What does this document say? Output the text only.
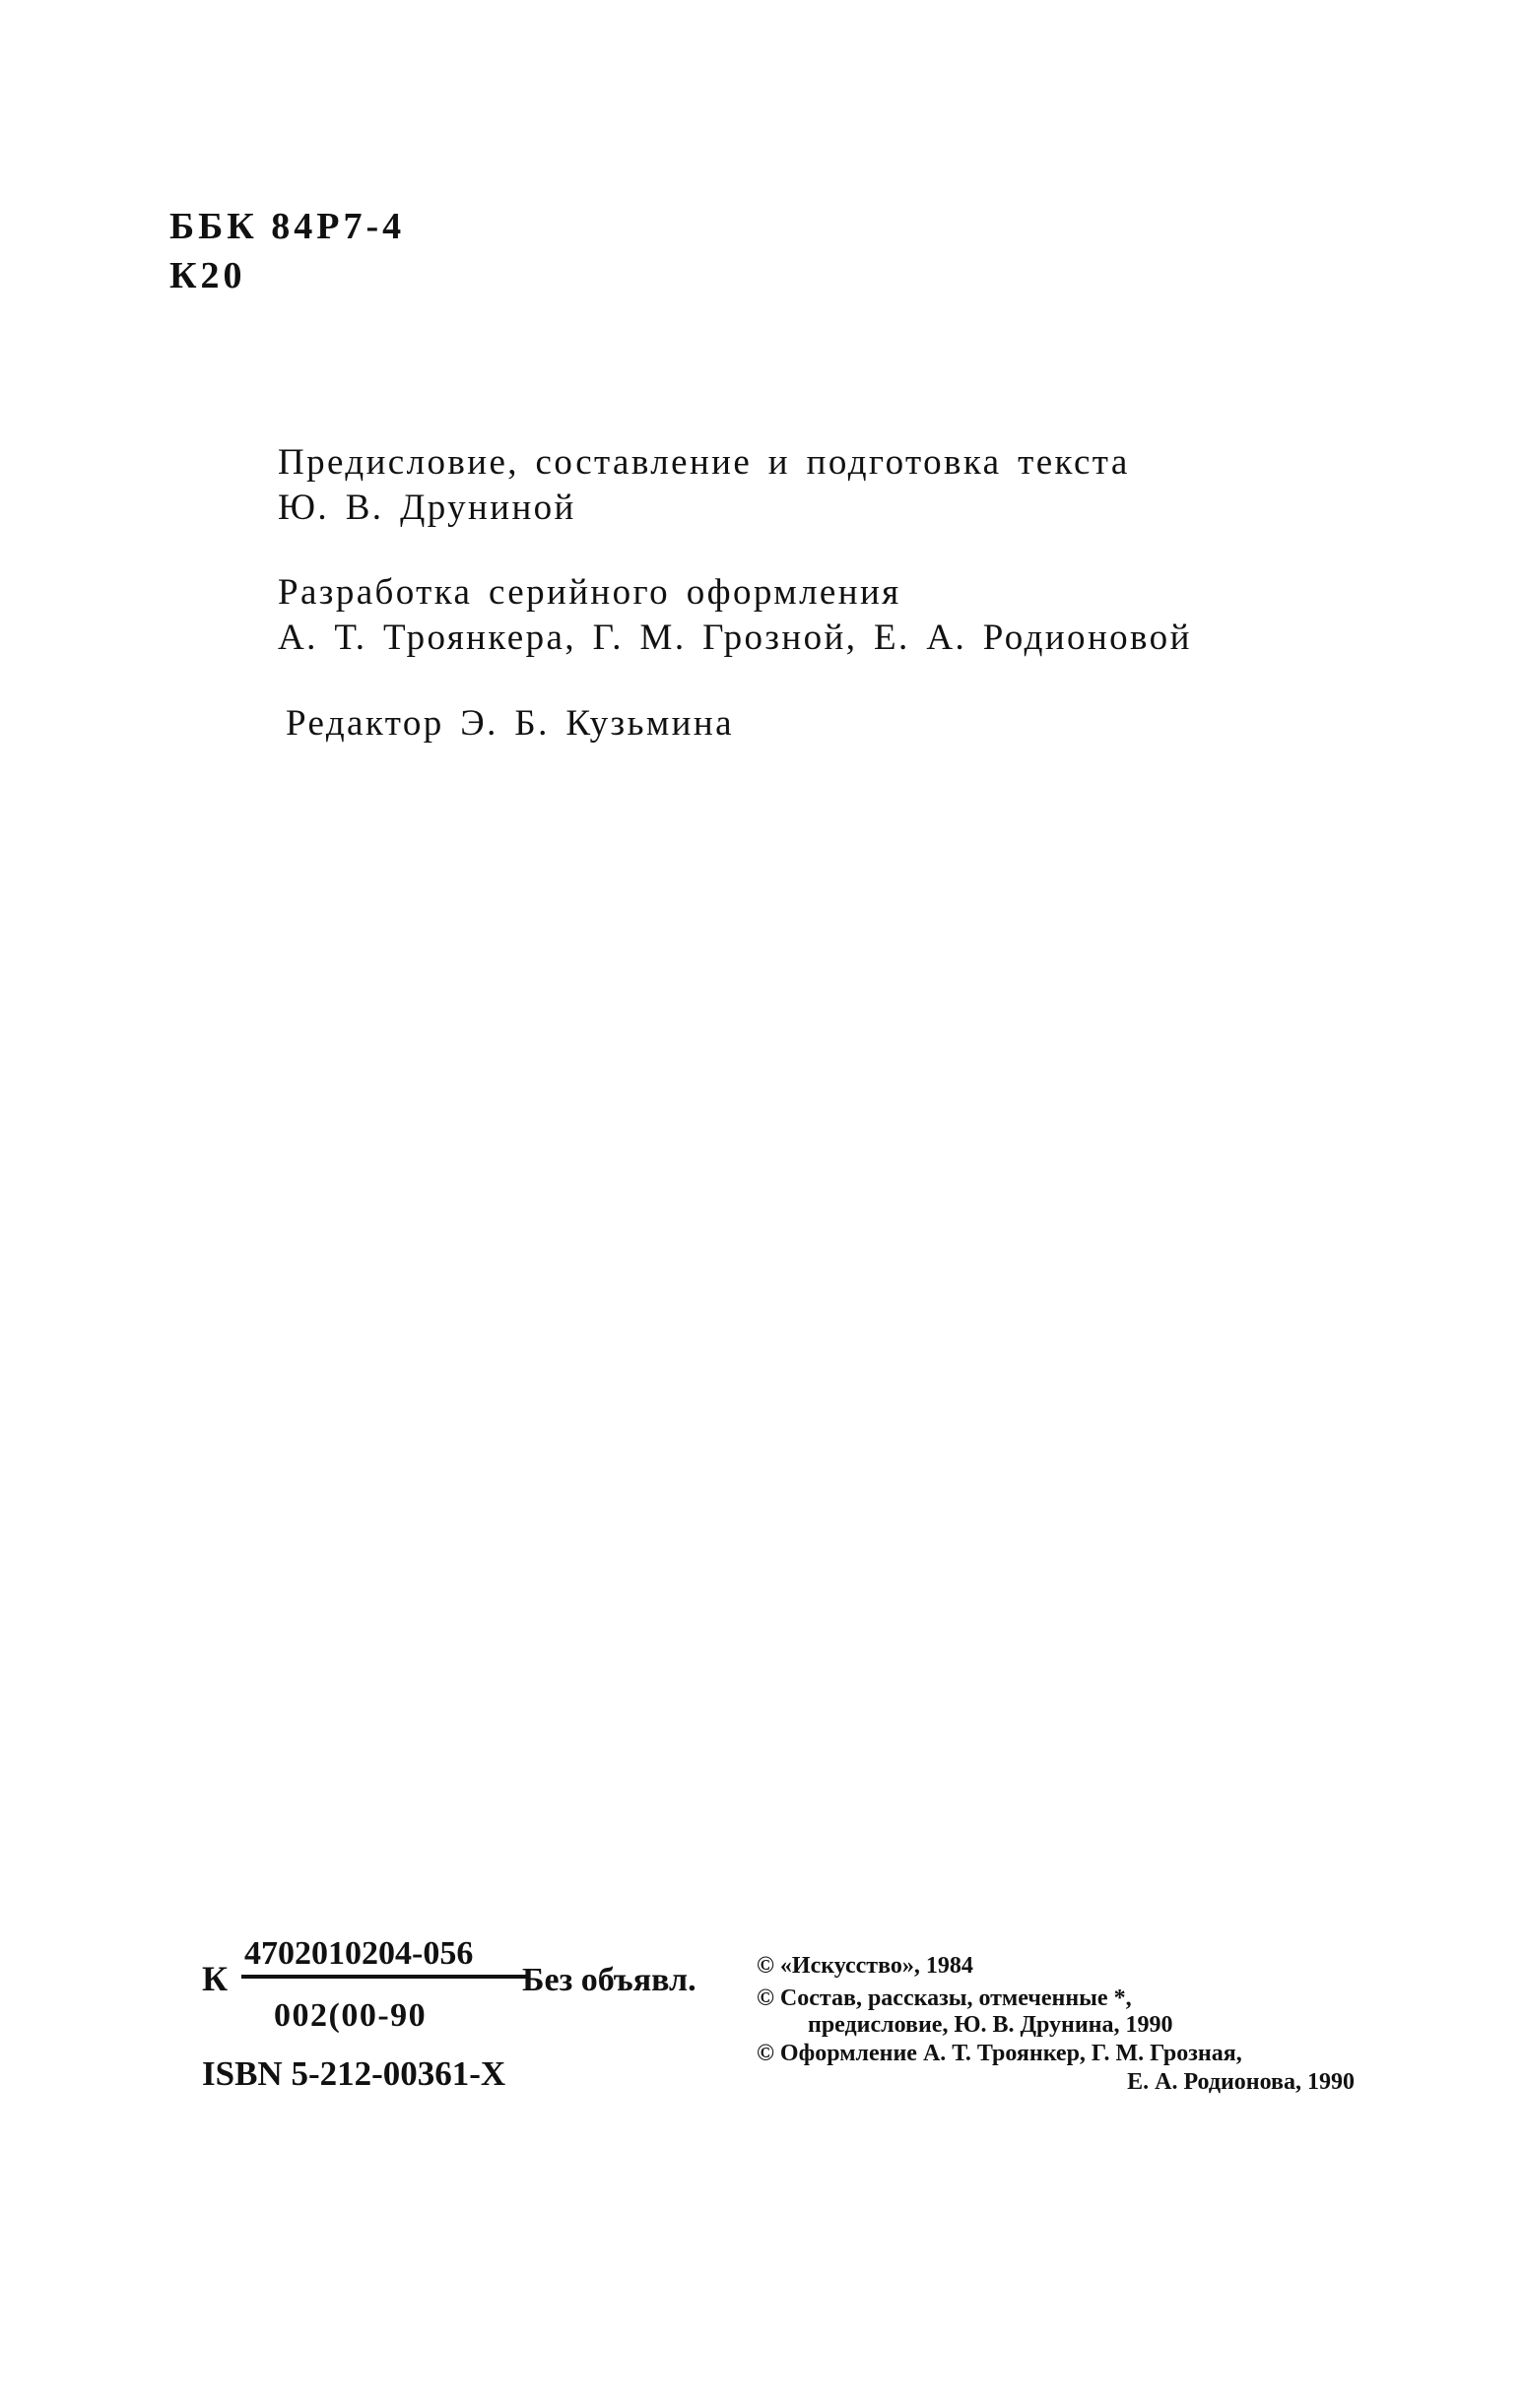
ББК 84Р7-4
К20
Предисловие, составление и подготовка текста
Ю. В. Друниной
Разработка серийного оформления
А. Т. Троянкера, Г. М. Грозной, Е. А. Родионовой
Редактор Э. Б. Кузьмина
К
4702010204-056
002(00-90
Без объявл.
ISBN 5-212-00361-X
© «Искусство», 1984
© Состав, рассказы, отмеченные *,
предисловие, Ю. В. Друнина, 1990
© Оформление А. Т. Троянкер, Г. М. Грозная,
Е. А. Родионова, 1990
